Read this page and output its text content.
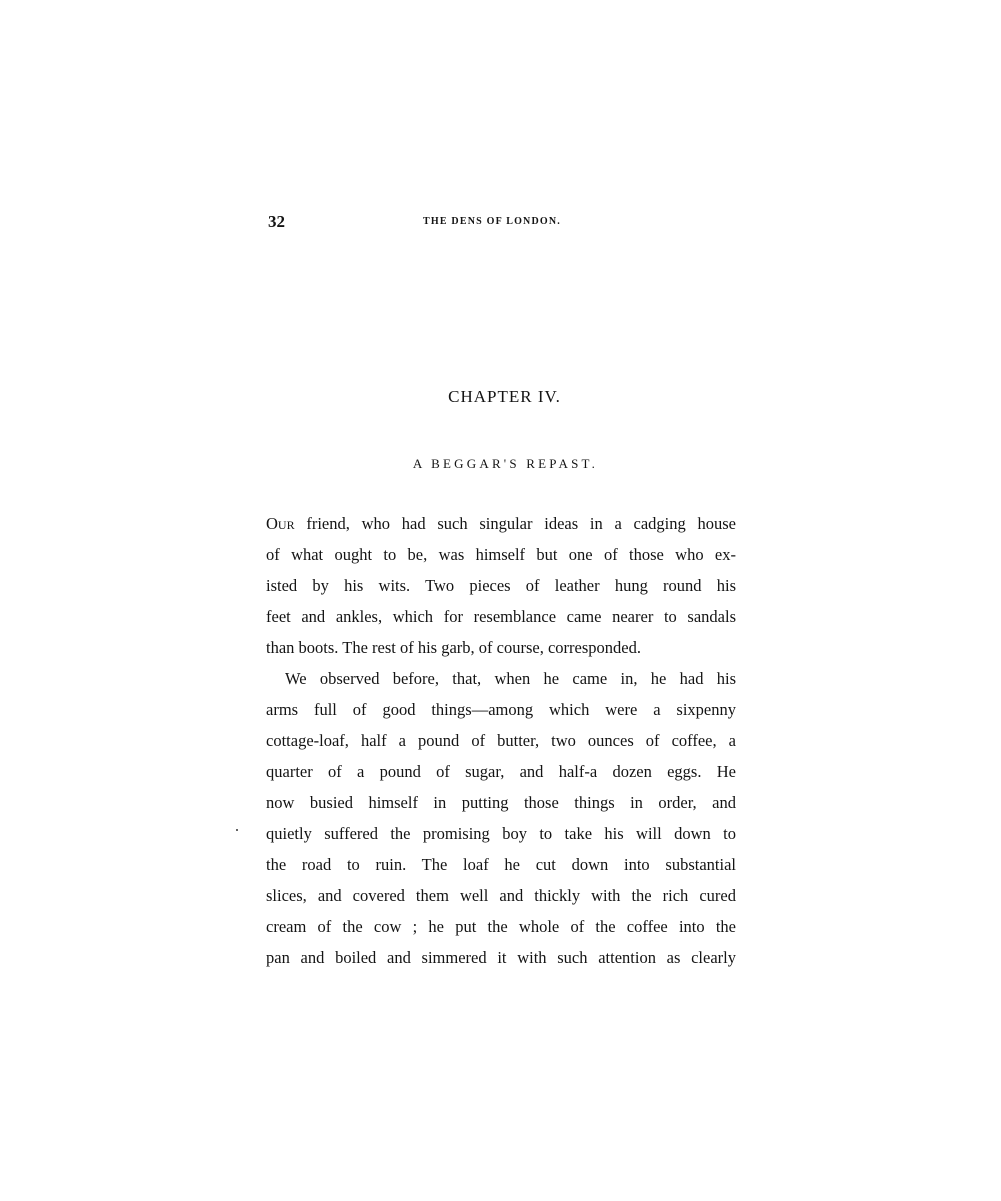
32	THE DENS OF LONDON.
CHAPTER IV.
A BEGGAR'S REPAST.
Our friend, who had such singular ideas in a cadging house
of what ought to be, was himself but one of those who ex-
isted by his wits. Two pieces of leather hung round his
feet and ankles, which for resemblance came nearer to sandals
than boots. The rest of his garb, of course, corresponded.
We observed before, that, when he came in, he had his
arms full of good things—among which were a sixpenny
cottage-loaf, half a pound of butter, two ounces of coffee, a
quarter of a pound of sugar, and half-a dozen eggs. He
now busied himself in putting those things in order, and
quietly suffered the promising boy to take his will down to
the road to ruin. The loaf he cut down into substantial
slices, and covered them well and thickly with the rich cured
cream of the cow ; he put the whole of the coffee into the
pan and boiled and simmered it with such attention as clearly
